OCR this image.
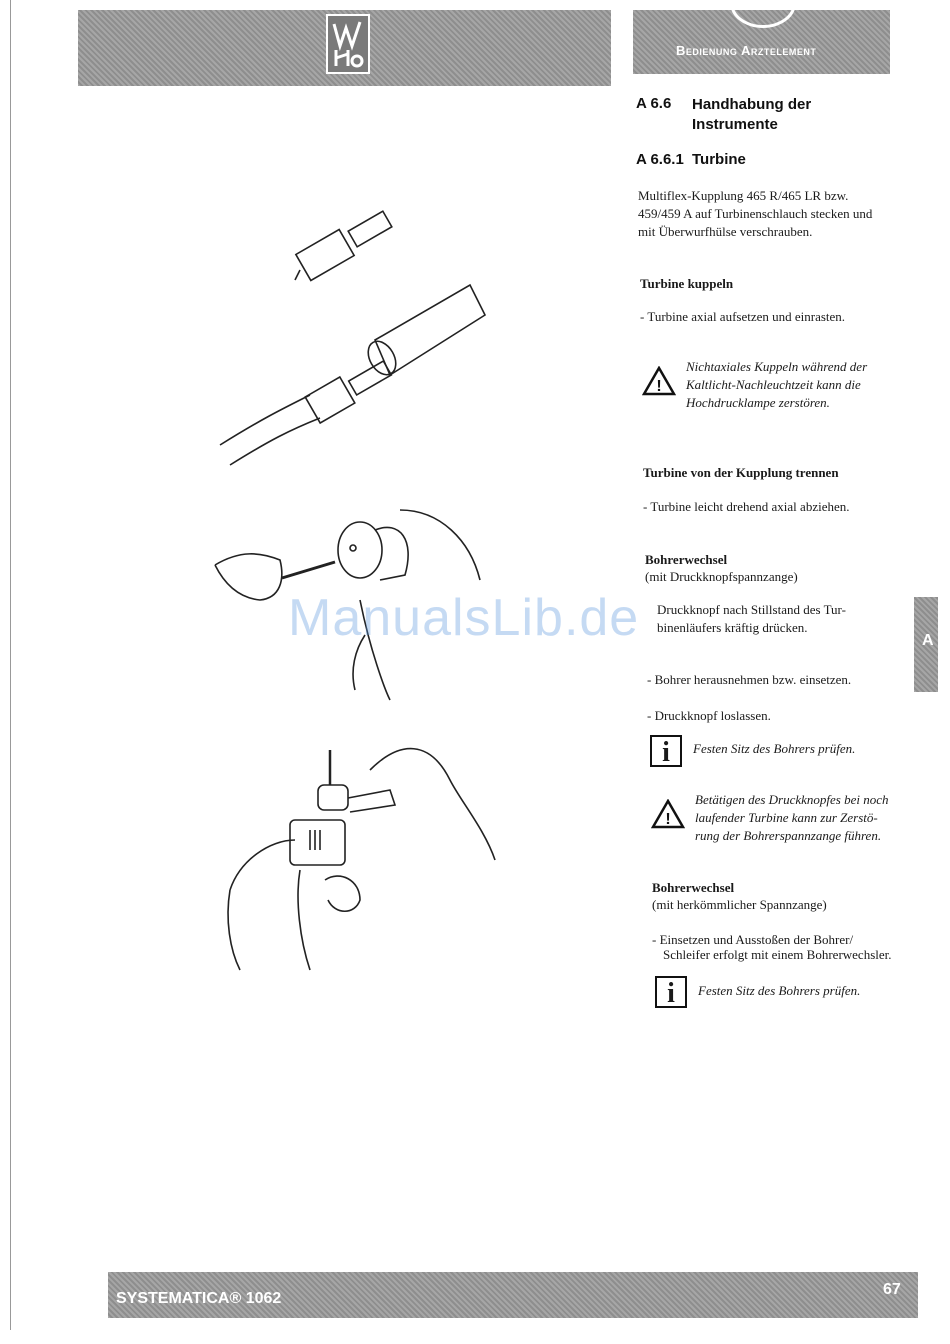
Bedienung Arztelement
A 6.6 Handhabung der Instrumente
A 6.6.1 Turbine
Multiflex-Kupplung 465 R/465 LR bzw.
459/459 A auf Turbinenschlauch stecken und
mit Überwurfhülse verschrauben.
Turbine kuppeln
- Turbine axial aufsetzen und einrasten.
!
Nichtaxiales Kuppeln während der
Kaltlicht-Nachleuchtzeit kann die
Hochdrucklampe zerstören.
Turbine von der Kupplung trennen
- Turbine leicht drehend axial abziehen.
Bohrerwechsel
(mit Druckknopfspannzange)
Druckknopf nach Stillstand des Tur-
binenläufers kräftig drücken.
- Bohrer herausnehmen bzw. einsetzen.
- Druckknopf loslassen.
i	Festen Sitz des Bohrers prüfen.
!
Betätigen des Druckknopfes bei noch
laufender Turbine kann zur Zerstö-
rung der Bohrerspannzange führen.
Bohrerwechsel
(mit herkömmlicher Spannzange)
- Einsetzen und Ausstoßen der Bohrer/
Schleifer erfolgt mit einem Bohrerwechsler.
i	Festen Sitz des Bohrers prüfen.
ManualsLib.de	A
SYSTEMATICA® 1062
67
